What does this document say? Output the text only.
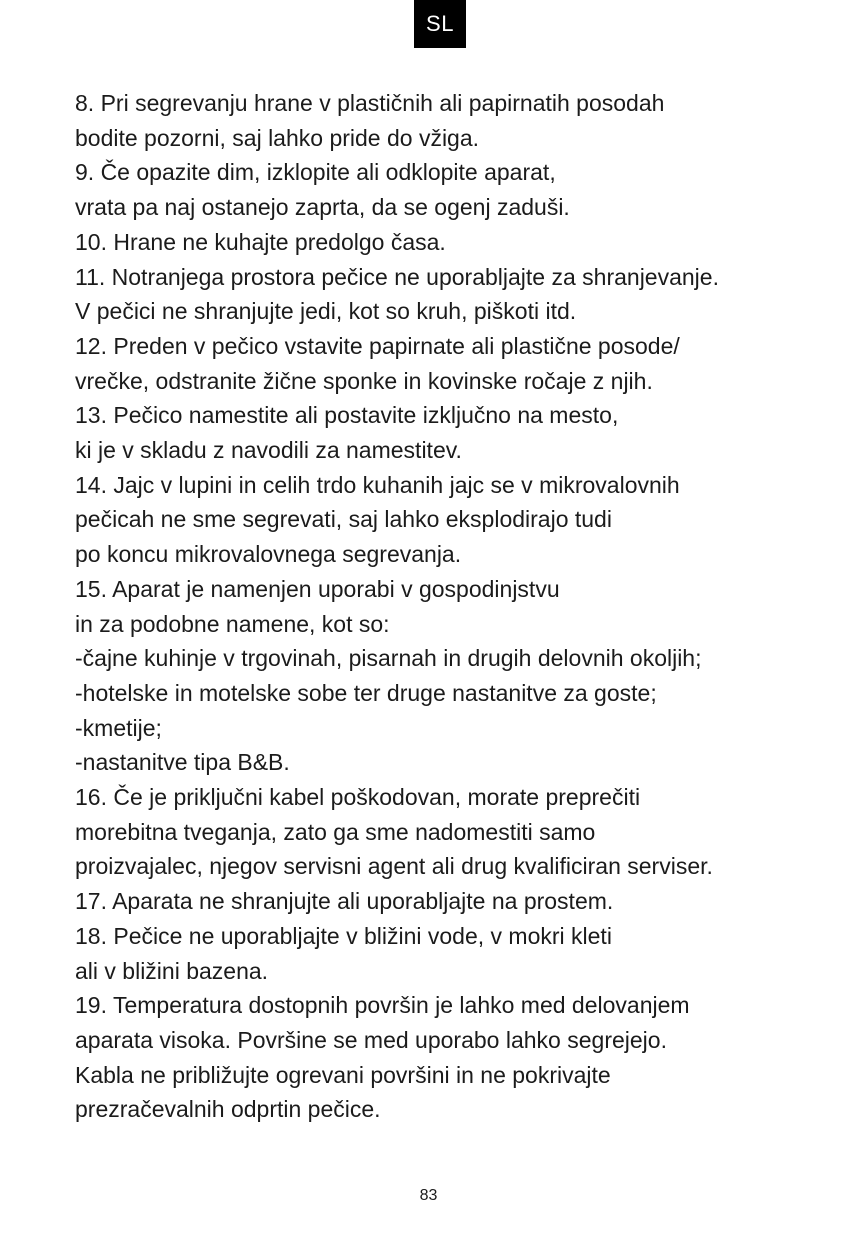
SL
8. Pri segrevanju hrane v plastičnih ali papirnatih posodah
bodite pozorni, saj lahko pride do vžiga.
9. Če opazite dim, izklopite ali odklopite aparat,
vrata pa naj ostanejo zaprta, da se ogenj zaduši.
10. Hrane ne kuhajte predolgo časa.
11. Notranjega prostora pečice ne uporabljajte za shranjevanje.
V pečici ne shranjujte jedi, kot so kruh, piškoti itd.
12. Preden v pečico vstavite papirnate ali plastične posode/
vrečke, odstranite žične sponke in kovinske ročaje z njih.
13. Pečico namestite ali postavite izključno na mesto,
ki je v skladu z navodili za namestitev.
14. Jajc v lupini in celih trdo kuhanih jajc se v mikrovalovnih
pečicah ne sme segrevati, saj lahko eksplodirajo tudi
po koncu mikrovalovnega segrevanja.
15. Aparat je namenjen uporabi v gospodinjstvu
in za podobne namene, kot so:
-čajne kuhinje v trgovinah, pisarnah in drugih delovnih okoljih;
-hotelske in motelske sobe ter druge nastanitve za goste;
-kmetije;
-nastanitve tipa B&B.
16. Če je priključni kabel poškodovan, morate preprečiti
morebitna tveganja, zato ga sme nadomestiti samo
proizvajalec, njegov servisni agent ali drug kvalificiran serviser.
17. Aparata ne shranjujte ali uporabljajte na prostem.
18. Pečice ne uporabljajte v bližini vode, v mokri kleti
ali v bližini bazena.
19. Temperatura dostopnih površin je lahko med delovanjem
aparata visoka. Površine se med uporabo lahko segrejejo.
Kabla ne približujte ogrevani površini in ne pokrivajte
prezračevalnih odprtin pečice.
83
